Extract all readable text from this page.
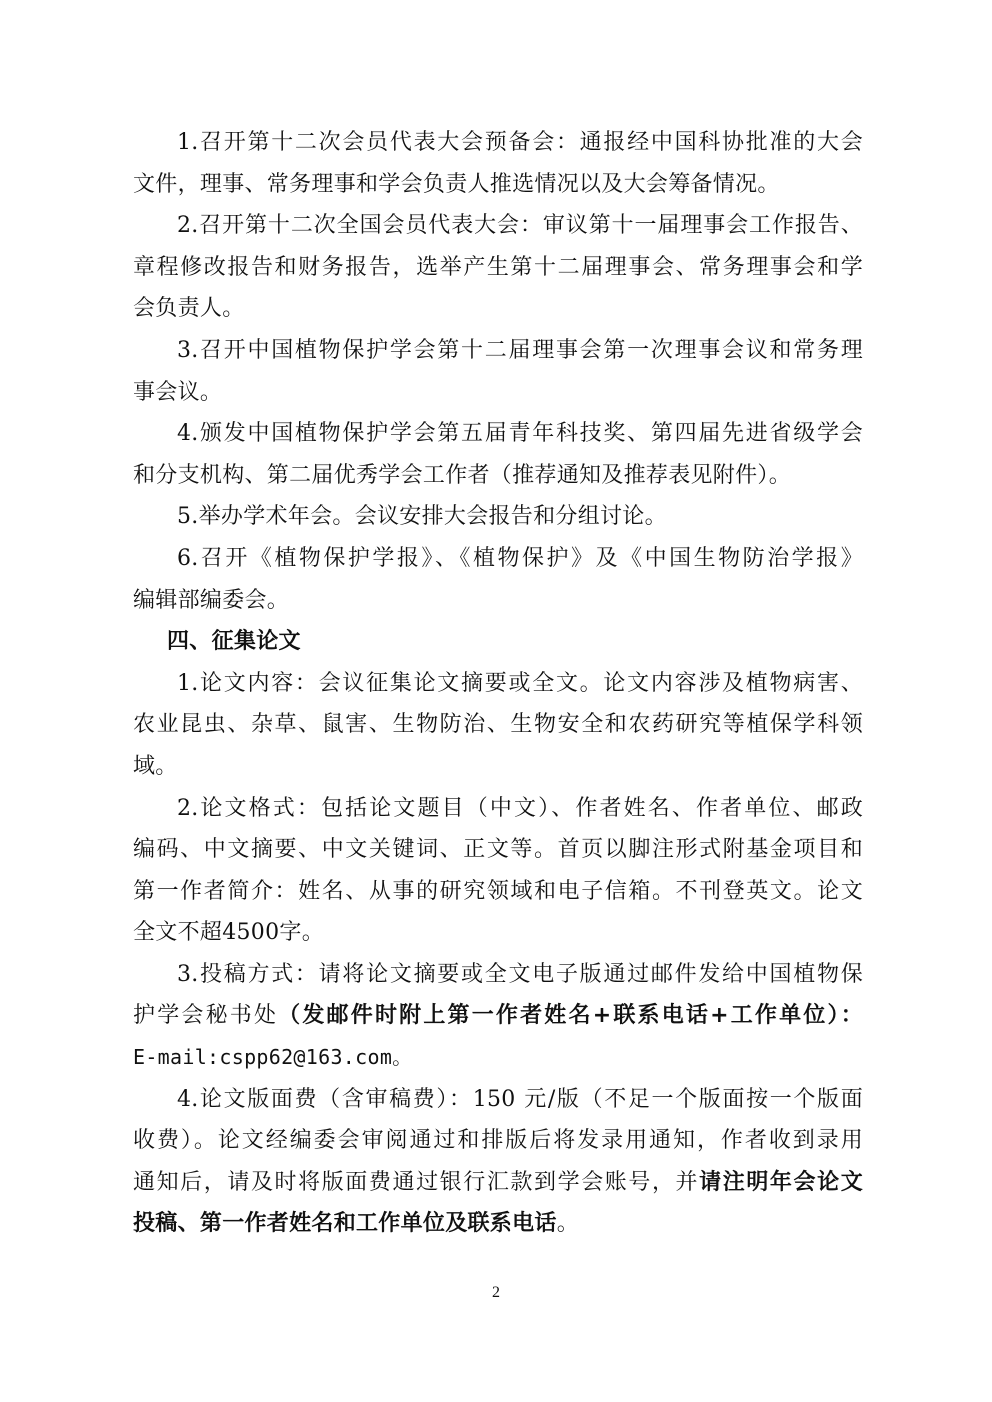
1.召开第十二次会员代表大会预备会：通报经中国科协批准的大会
文件，理事、常务理事和学会负责人推选情况以及大会筹备情况。
2.召开第十二次全国会员代表大会：审议第十一届理事会工作报告、
章程修改报告和财务报告，选举产生第十二届理事会、常务理事会和学
会负责人。
3.召开中国植物保护学会第十二届理事会第一次理事会议和常务理
事会议。
4.颁发中国植物保护学会第五届青年科技奖、第四届先进省级学会
和分支机构、第二届优秀学会工作者（推荐通知及推荐表见附件）。
5.举办学术年会。会议安排大会报告和分组讨论。
6.召开《植物保护学报》、《植物保护》及《中国生物防治学报》
编辑部编委会。
四、征集论文
1.论文内容：会议征集论文摘要或全文。论文内容涉及植物病害、
农业昆虫、杂草、鼠害、生物防治、生物安全和农药研究等植保学科领
域。
2.论文格式：包括论文题目（中文）、作者姓名、作者单位、邮政
编码、中文摘要、中文关键词、正文等。首页以脚注形式附基金项目和
第一作者简介：姓名、从事的研究领域和电子信箱。不刊登英文。论文
全文不超4500字。
3.投稿方式：请将论文摘要或全文电子版通过邮件发给中国植物保
护学会秘书处（发邮件时附上第一作者姓名+联系电话+工作单位）：
E-mail:cspp62@163.com。
4.论文版面费（含审稿费）：150 元/版（不足一个版面按一个版面
收费）。论文经编委会审阅通过和排版后将发录用通知，作者收到录用
通知后，请及时将版面费通过银行汇款到学会账号，并请注明年会论文
投稿、第一作者姓名和工作单位及联系电话。
2
